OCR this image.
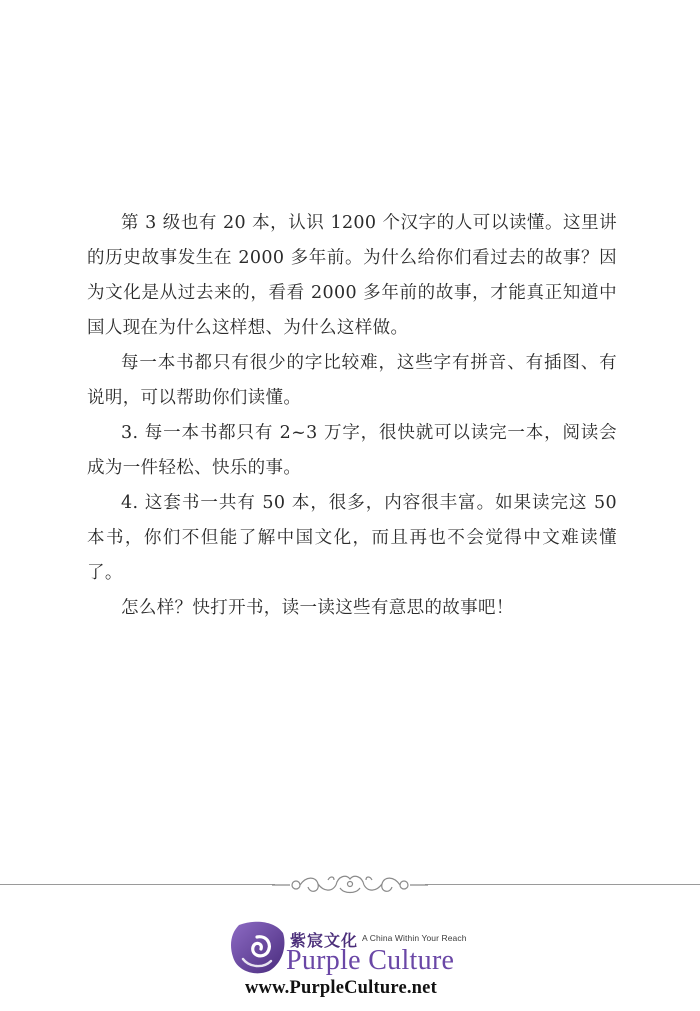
第 3 级也有 20 本，认识 1200 个汉字的人可以读懂。这里讲的历史故事发生在 2000 多年前。为什么给你们看过去的故事？因为文化是从过去来的，看看 2000 多年前的故事，才能真正知道中国人现在为什么这样想、为什么这样做。

每一本书都只有很少的字比较难，这些字有拼音、有插图、有说明，可以帮助你们读懂。

3. 每一本书都只有 2~3 万字，很快就可以读完一本，阅读会成为一件轻松、快乐的事。

4. 这套书一共有 50 本，很多，内容很丰富。如果读完这 50 本书，你们不但能了解中国文化，而且再也不会觉得中文难读懂了。

怎么样？快打开书，读一读这些有意思的故事吧！

紫宸文化 A China Within Your Reach
Purple Culture
www.PurpleCulture.net
